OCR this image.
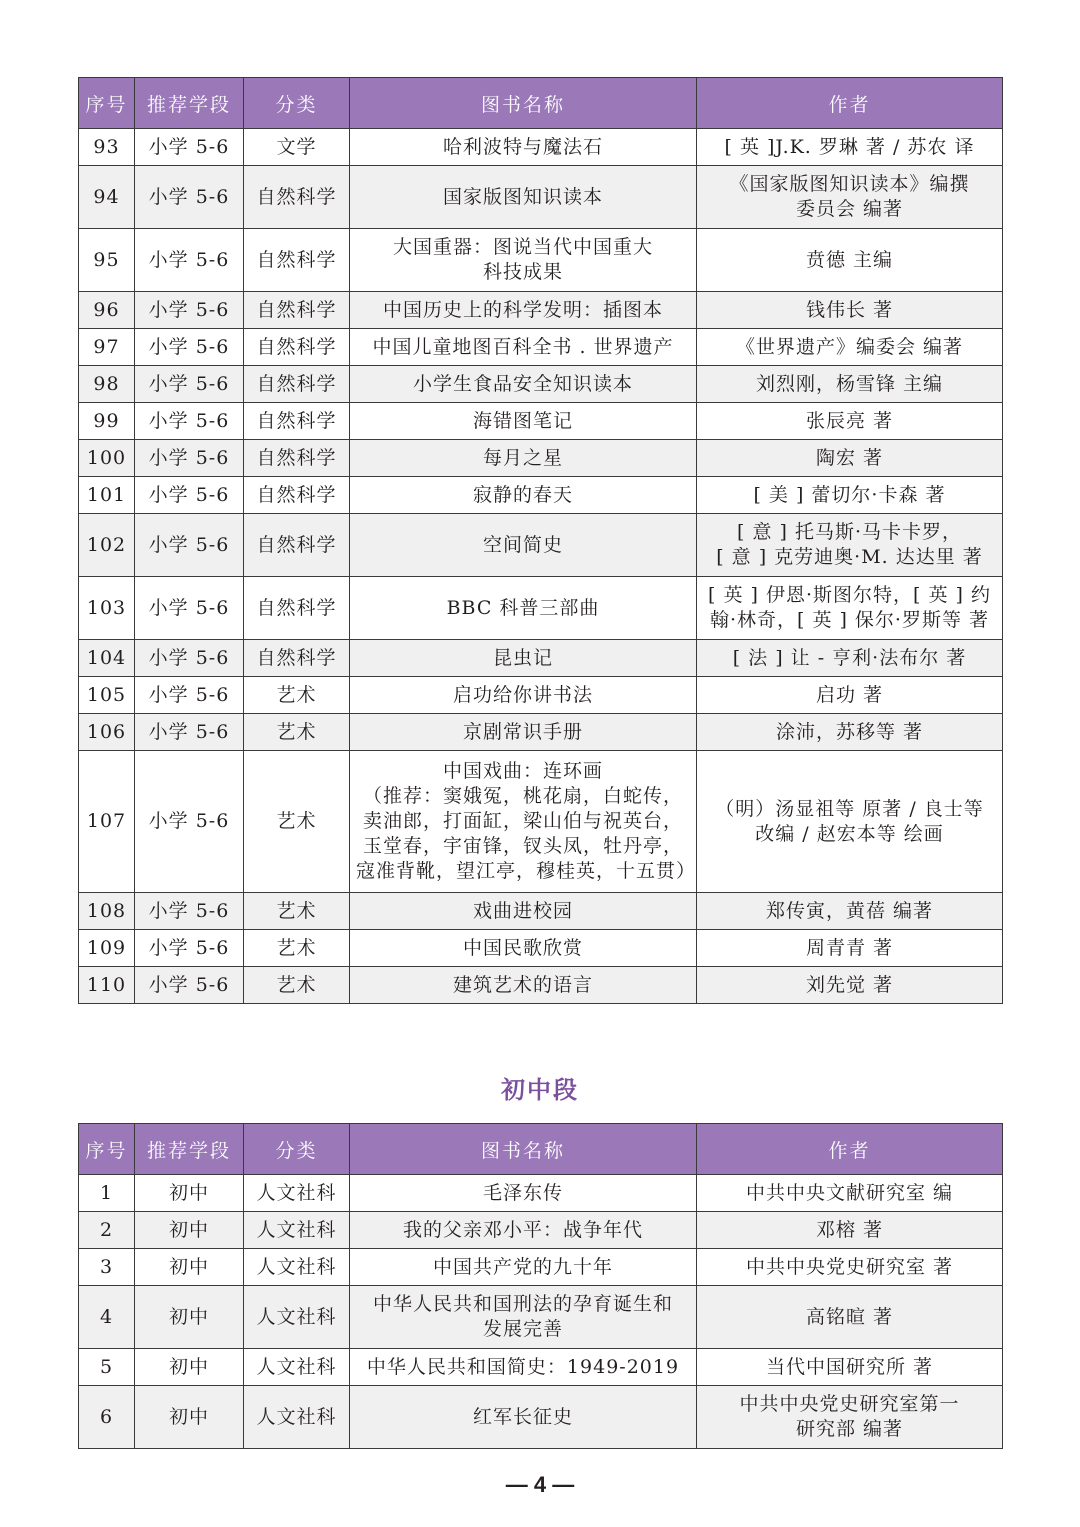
序号	推荐学段	分类	图书名称	作者
93	小学 5-6	文学	哈利波特与魔法石	[ 英 ]J.K. 罗琳 著 / 苏农 译
94	小学 5-6	自然科学	国家版图知识读本	《国家版图知识读本》编撰
委员会 编著
95	小学 5-6	自然科学	大国重器：图说当代中国重大
科技成果	贲德 主编
96	小学 5-6	自然科学	中国历史上的科学发明：插图本	钱伟长 著
97	小学 5-6	自然科学	中国儿童地图百科全书 . 世界遗产	《世界遗产》编委会 编著
98	小学 5-6	自然科学	小学生食品安全知识读本	刘烈刚，杨雪锋 主编
99	小学 5-6	自然科学	海错图笔记	张辰亮 著
100	小学 5-6	自然科学	每月之星	陶宏 著
101	小学 5-6	自然科学	寂静的春天	[ 美 ] 蕾切尔·卡森 著
102	小学 5-6	自然科学	空间简史	[ 意 ] 托马斯·马卡卡罗，
[ 意 ] 克劳迪奥·M. 达达里 著
103	小学 5-6	自然科学	BBC 科普三部曲	[ 英 ] 伊恩·斯图尔特，[ 英 ] 约
翰·林奇，[ 英 ] 保尔·罗斯等 著
104	小学 5-6	自然科学	昆虫记	[ 法 ] 让 - 亨利·法布尔 著
105	小学 5-6	艺术	启功给你讲书法	启功 著
106	小学 5-6	艺术	京剧常识手册	涂沛，苏移等 著
107	小学 5-6	艺术	中国戏曲：连环画
（推荐：窦娥冤，桃花扇，白蛇传，
卖油郎，打面缸，梁山伯与祝英台，
玉堂春，宇宙锋，钗头凤，牡丹亭，
寇准背靴，望江亭，穆桂英，十五贯）	（明）汤显祖等 原著 / 良士等
改编 / 赵宏本等 绘画
108	小学 5-6	艺术	戏曲进校园	郑传寅，黄蓓 编著
109	小学 5-6	艺术	中国民歌欣赏	周青青 著
110	小学 5-6	艺术	建筑艺术的语言	刘先觉 著
初中段
序号	推荐学段	分类	图书名称	作者
1	初中	人文社科	毛泽东传	中共中央文献研究室 编
2	初中	人文社科	我的父亲邓小平：战争年代	邓榕 著
3	初中	人文社科	中国共产党的九十年	中共中央党史研究室 著
4	初中	人文社科	中华人民共和国刑法的孕育诞生和
发展完善	高铭暄 著
5	初中	人文社科	中华人民共和国简史：1949-2019	当代中国研究所 著
6	初中	人文社科	红军长征史	中共中央党史研究室第一
研究部 编著
— 4 —
